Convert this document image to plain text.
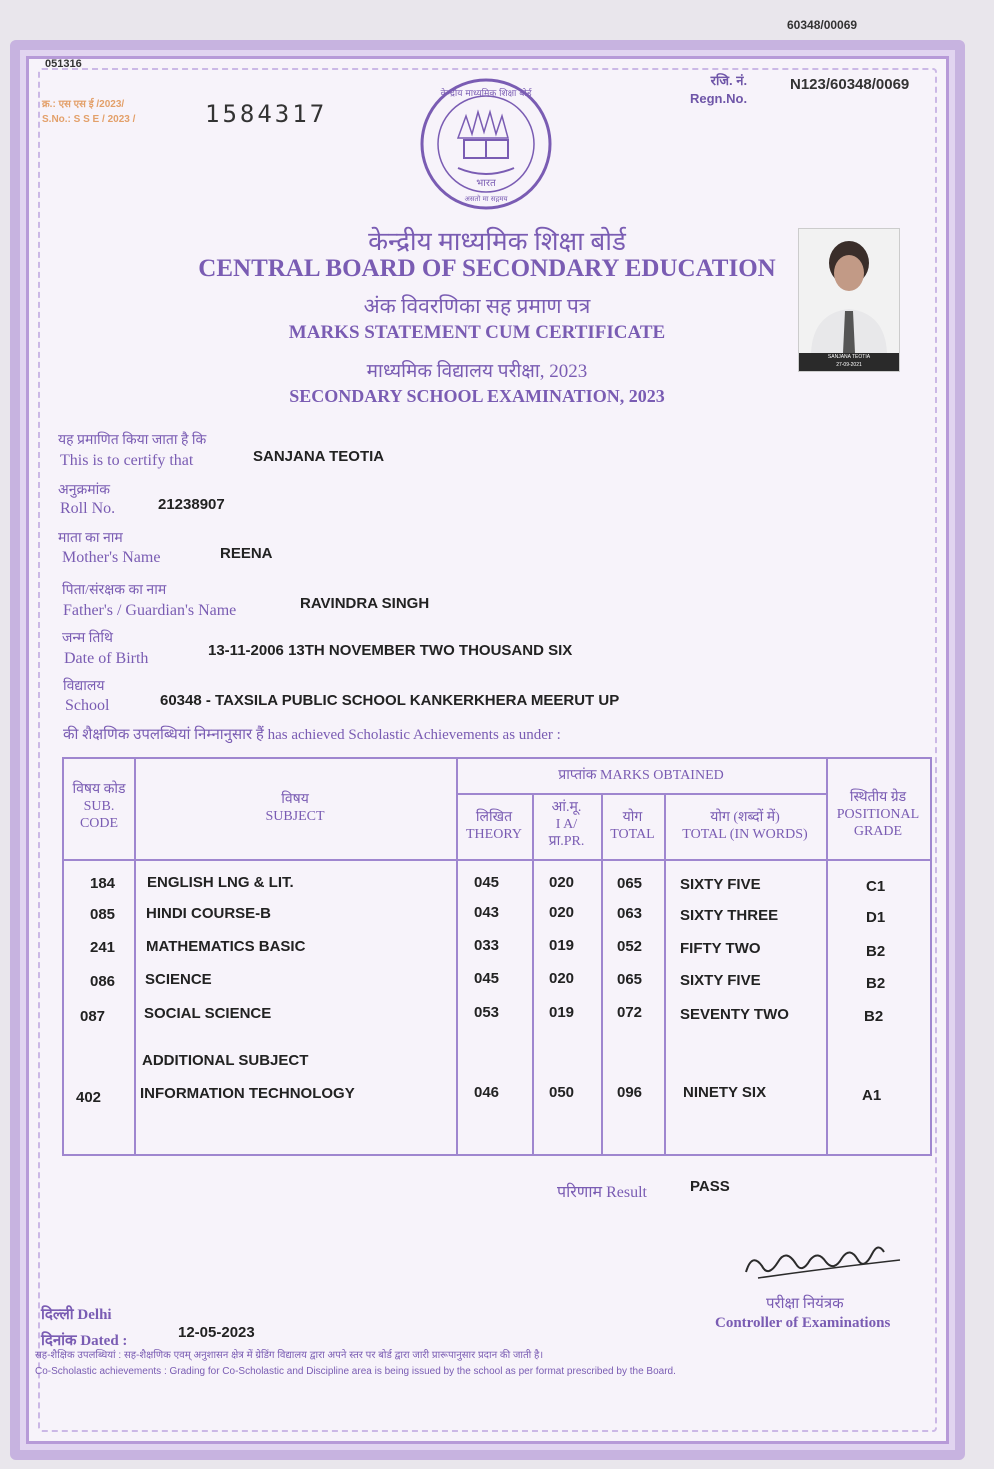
60348/00069
051316
क्र.: एस एस ई /2023/
S.No.: S S E / 2023 /	1584317
रजि. नं.
Regn.No.
N123/60348/0069
केन्द्रीय माध्यमिक शिक्षा बोर्ड
भारत
असतो मा सद्गमय
केन्द्रीय माध्यमिक शिक्षा बोर्ड
CENTRAL BOARD OF SECONDARY EDUCATION
अंक विवरणिका सह प्रमाण पत्र
MARKS STATEMENT CUM CERTIFICATE
माध्यमिक विद्यालय परीक्षा, 2023
SECONDARY SCHOOL EXAMINATION, 2023
SANJANA TEOTIA
27-09-2021
यह प्रमाणित किया जाता है कि
This is to certify that	SANJANA TEOTIA
अनुक्रमांक
Roll No.	21238907
माता का नाम
Mother's Name	REENA
पिता/संरक्षक का नाम
Father's / Guardian's Name	RAVINDRA SINGH
जन्म तिथि
Date of Birth	13-11-2006 13TH NOVEMBER TWO THOUSAND SIX
विद्यालय
School	60348 - TAXSILA PUBLIC SCHOOL KANKERKHERA MEERUT UP
की शैक्षणिक उपलब्धियां निम्नानुसार हैं has achieved Scholastic Achievements as under :
विषय कोड
SUB.
CODE
विषय
SUBJECT
प्राप्तांक MARKS OBTAINED
लिखित
THEORY
आं.मू.
I A/
प्रा.PR.
योग
TOTAL
योग (शब्दों में)
TOTAL (IN WORDS)
स्थितीय ग्रेड
POSITIONAL
GRADE
184 ENGLISH LNG & LIT.	045	020	065	SIXTY FIVE	C1
085 HINDI COURSE-B	043	020	063	SIXTY THREE	D1
241 MATHEMATICS BASIC	033	019	052	FIFTY TWO	B2
086 SCIENCE	045	020	065	SIXTY FIVE	B2
087	SOCIAL SCIENCE	053	019	072	SEVENTY TWO	B2
ADDITIONAL SUBJECT
402	INFORMATION TECHNOLOGY	046	050	096	NINETY SIX	A1
परिणाम Result	PASS
परीक्षा नियंत्रक
Controller of Examinations
दिल्ली Delhi
दिनांक Dated :	12-05-2023
सह-शैक्षिक उपलब्धियां : सह-शैक्षणिक एवम् अनुशासन क्षेत्र में ग्रेडिंग विद्यालय द्वारा अपने स्तर पर बोर्ड द्वारा जारी प्रारूपानुसार प्रदान की जाती है।
Co-Scholastic achievements : Grading for Co-Scholastic and Discipline area is being issued by the school as per format prescribed by the Board.
